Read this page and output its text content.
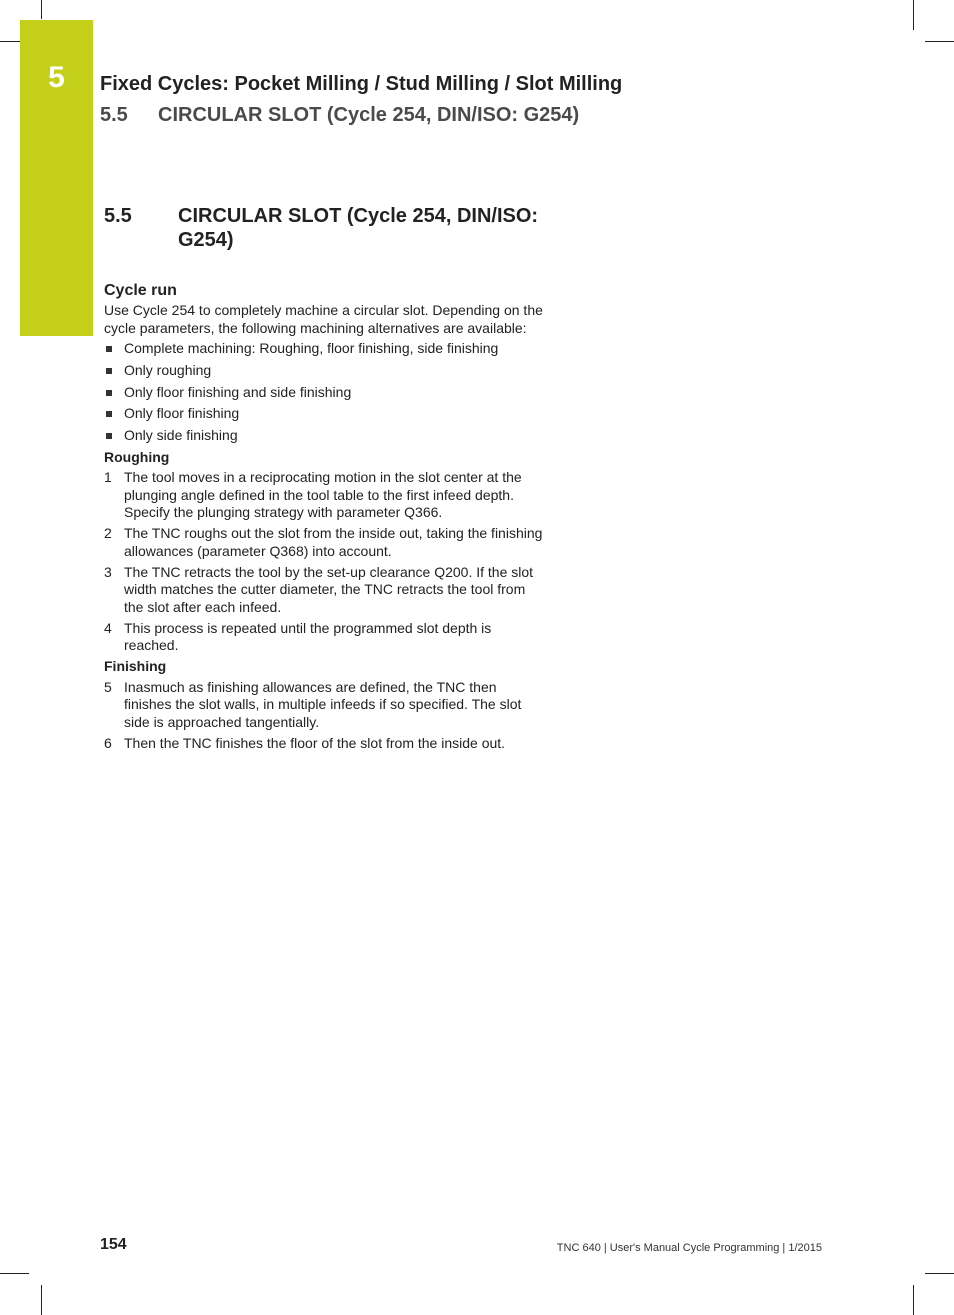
5	Fixed Cycles: Pocket Milling / Stud Milling / Slot Milling
5.5 CIRCULAR SLOT (Cycle 254, DIN/ISO: G254)
5.5	CIRCULAR SLOT (Cycle 254, DIN/ISO:
G254)
Cycle run

Use Cycle 254 to completely machine a circular slot. Depending on the cycle parameters, the following machining alternatives are available:

Complete machining: Roughing, floor finishing, side finishing
Only roughing
Only floor finishing and side finishing
Only floor finishing
Only side finishing
Roughing
1 The tool moves in a reciprocating motion in the slot center at the plunging angle defined in the tool table to the first infeed depth. Specify the plunging strategy with parameter Q366.
2 The TNC roughs out the slot from the inside out, taking the finishing allowances (parameter Q368) into account.
3 The TNC retracts the tool by the set-up clearance Q200. If the slot width matches the cutter diameter, the TNC retracts the tool from the slot after each infeed.
4 This process is repeated until the programmed slot depth is reached.
Finishing
5 Inasmuch as finishing allowances are defined, the TNC then finishes the slot walls, in multiple infeeds if so specified. The slot side is approached tangentially.
6 Then the TNC finishes the floor of the slot from the inside out.
154	TNC 640 | User's Manual Cycle Programming | 1/2015
